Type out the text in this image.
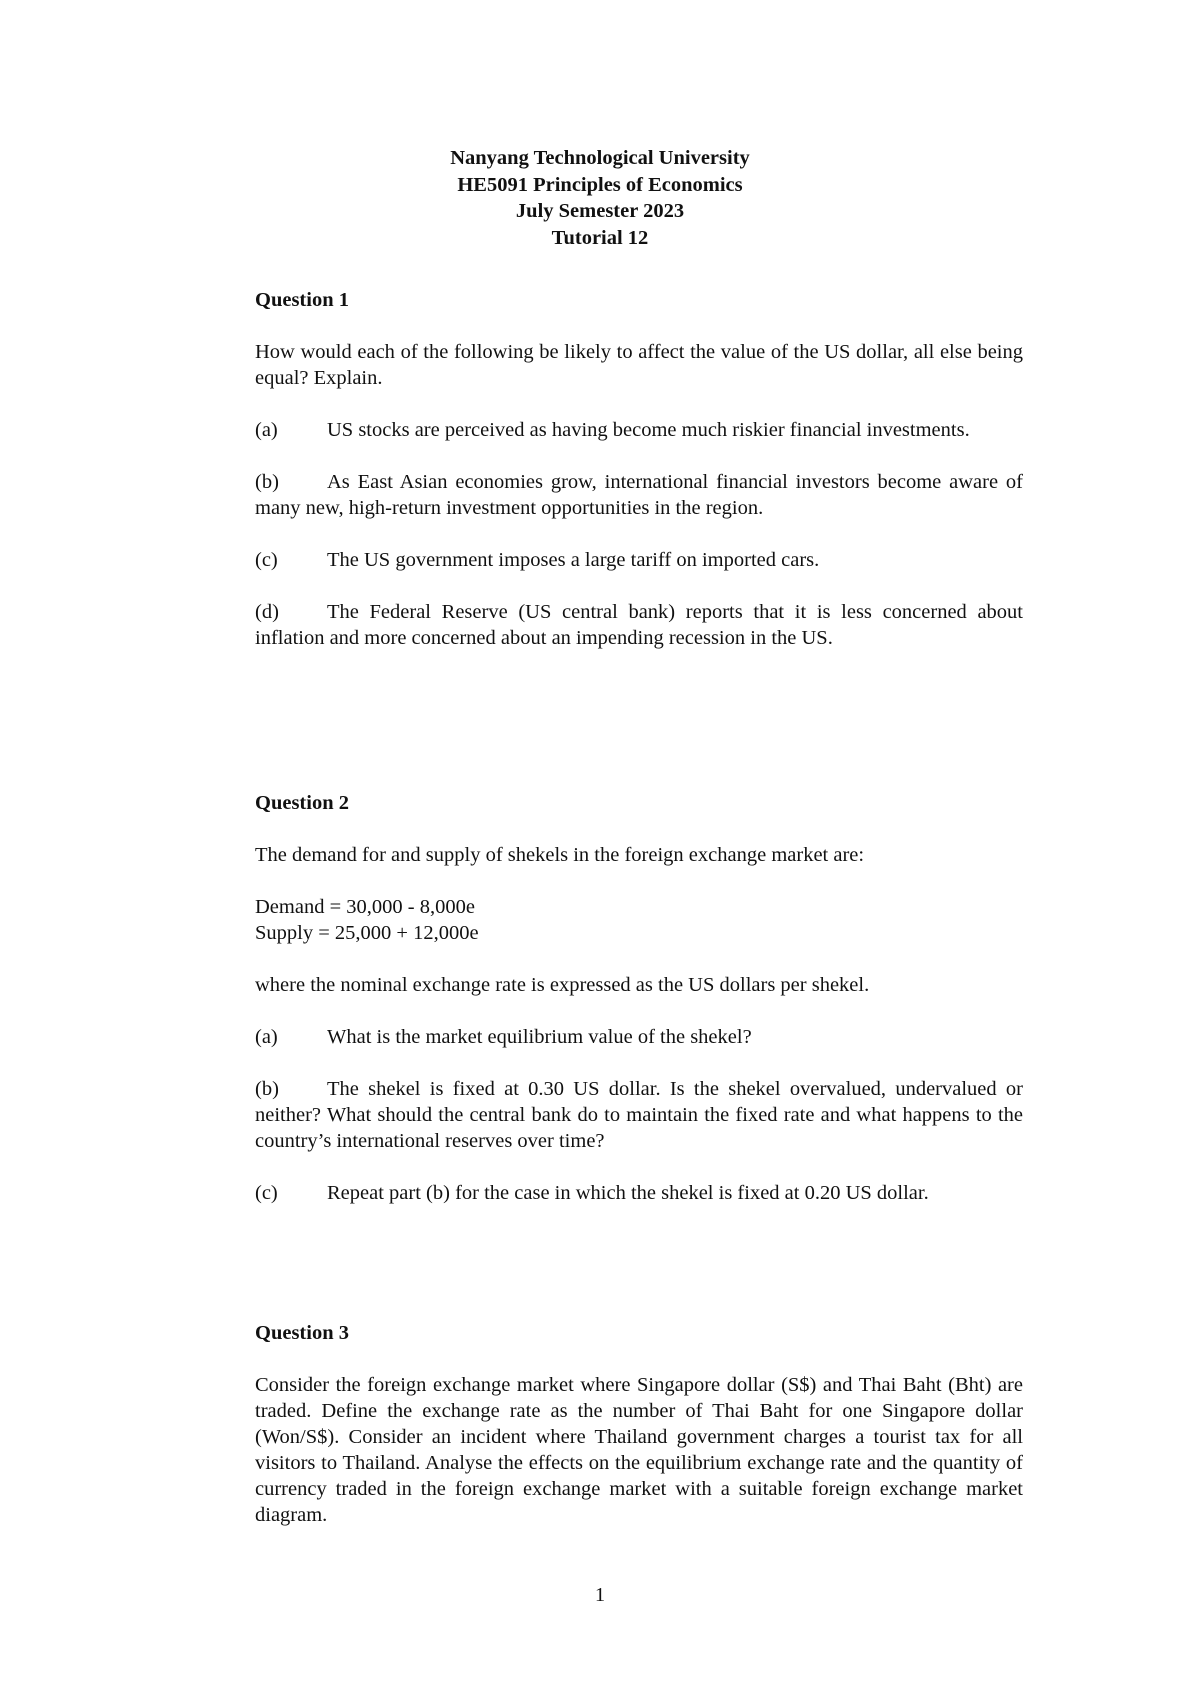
Nanyang Technological University
HE5091 Principles of Economics
July Semester 2023
Tutorial 12
Question 1

How would each of the following be likely to affect the value of the US dollar, all else being equal? Explain.

(a) US stocks are perceived as having become much riskier financial investments.
(b) As East Asian economies grow, international financial investors become aware of many new, high-return investment opportunities in the region.
(c) The US government imposes a large tariff on imported cars.
(d) The Federal Reserve (US central bank) reports that it is less concerned about inflation and more concerned about an impending recession in the US.
Question 2

The demand for and supply of shekels in the foreign exchange market are:

Demand = 30,000 - 8,000e
Supply = 25,000 + 12,000e

where the nominal exchange rate is expressed as the US dollars per shekel.

(a) What is the market equilibrium value of the shekel?
(b) The shekel is fixed at 0.30 US dollar. Is the shekel overvalued, undervalued or neither? What should the central bank do to maintain the fixed rate and what happens to the country’s international reserves over time?
(c) Repeat part (b) for the case in which the shekel is fixed at 0.20 US dollar.
Question 3

Consider the foreign exchange market where Singapore dollar (S$) and Thai Baht (Bht) are traded. Define the exchange rate as the number of Thai Baht for one Singapore dollar (Won/S$). Consider an incident where Thailand government charges a tourist tax for all visitors to Thailand. Analyse the effects on the equilibrium exchange rate and the quantity of currency traded in the foreign exchange market with a suitable foreign exchange market diagram.

1
